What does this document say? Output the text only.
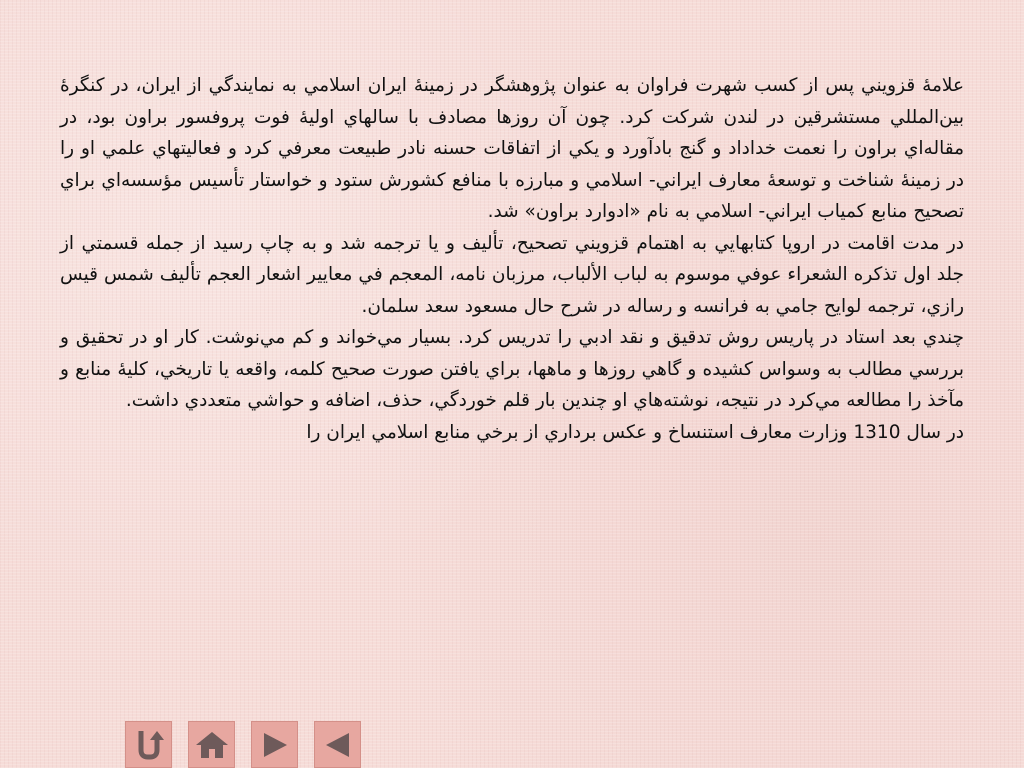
علامهٔ قزويني پس از کسب شهرت فراوان به عنوان پژوهشگر در زمينهٔ ايران اسلامي به نمايندگي از ايران، در کنگرهٔ بين‌المللي مستشرقين در لندن شرکت کرد. چون آن روزها مصادف با سالهاي اوليهٔ فوت پروفسور براون بود، در مقاله‌اي براون را نعمت خداداد و گنج بادآورد و يکي از اتفاقات حسنه نادر طبيعت معرفي کرد و فعاليتهاي علمي او را در زمينهٔ شناخت و توسعهٔ معارف ايراني- اسلامي و مبارزه با منافع کشورش ستود و خواستار تأسيس مؤسسه‌اي براي تصحيح منابع کمياب ايراني- اسلامي به نام «ادوارد براون» شد.

در مدت اقامت در اروپا کتابهايي به اهتمام قزويني تصحيح، تأليف و يا ترجمه شد و به چاپ رسيد از جمله قسمتي از جلد اول تذکره الشعراء عوفي موسوم به لباب الألباب، مرزبان نامه، المعجم في معايير اشعار العجم تأليف شمس قيس رازي، ترجمه لوايح جامي به فرانسه و رساله در شرح حال مسعود سعد سلمان.

چندي بعد استاد در پاريس روش تدقيق و نقد ادبي را تدريس کرد. بسيار مي‌خواند و کم مي‌نوشت. کار او در تحقيق و بررسي مطالب به وسواس کشيده و گاهي روزها و ماهها، براي يافتن صورت صحيح کلمه، واقعه يا تاريخي، کليهٔ منابع و مآخذ را مطالعه مي‌کرد در نتيجه، نوشته‌هاي او چندين بار قلم خوردگي، حذف، اضافه و حواشي متعددي داشت.

در سال 1310 وزارت معارف استنساخ و عکس برداري از برخي منابع اسلامي ايران را
